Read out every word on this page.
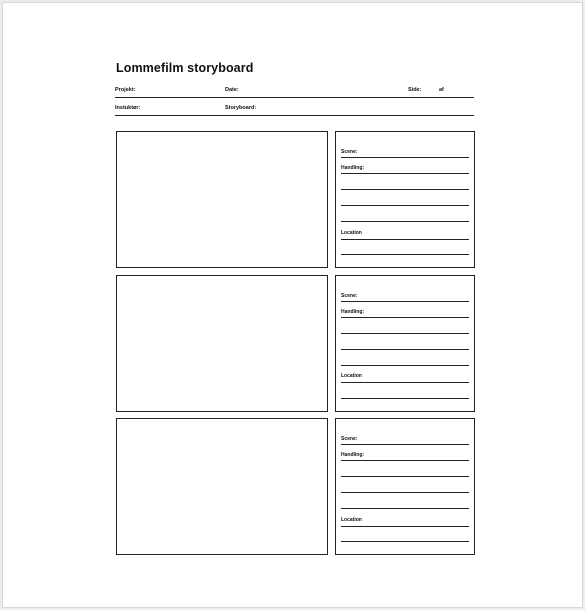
Lommefilm storyboard
Projekt:	Date:	Side:	af
Instuktør:	Storyboard:
Scene:
Handling:
Location
Scene:
Handling:
Location
Scene:
Handling:
Location
